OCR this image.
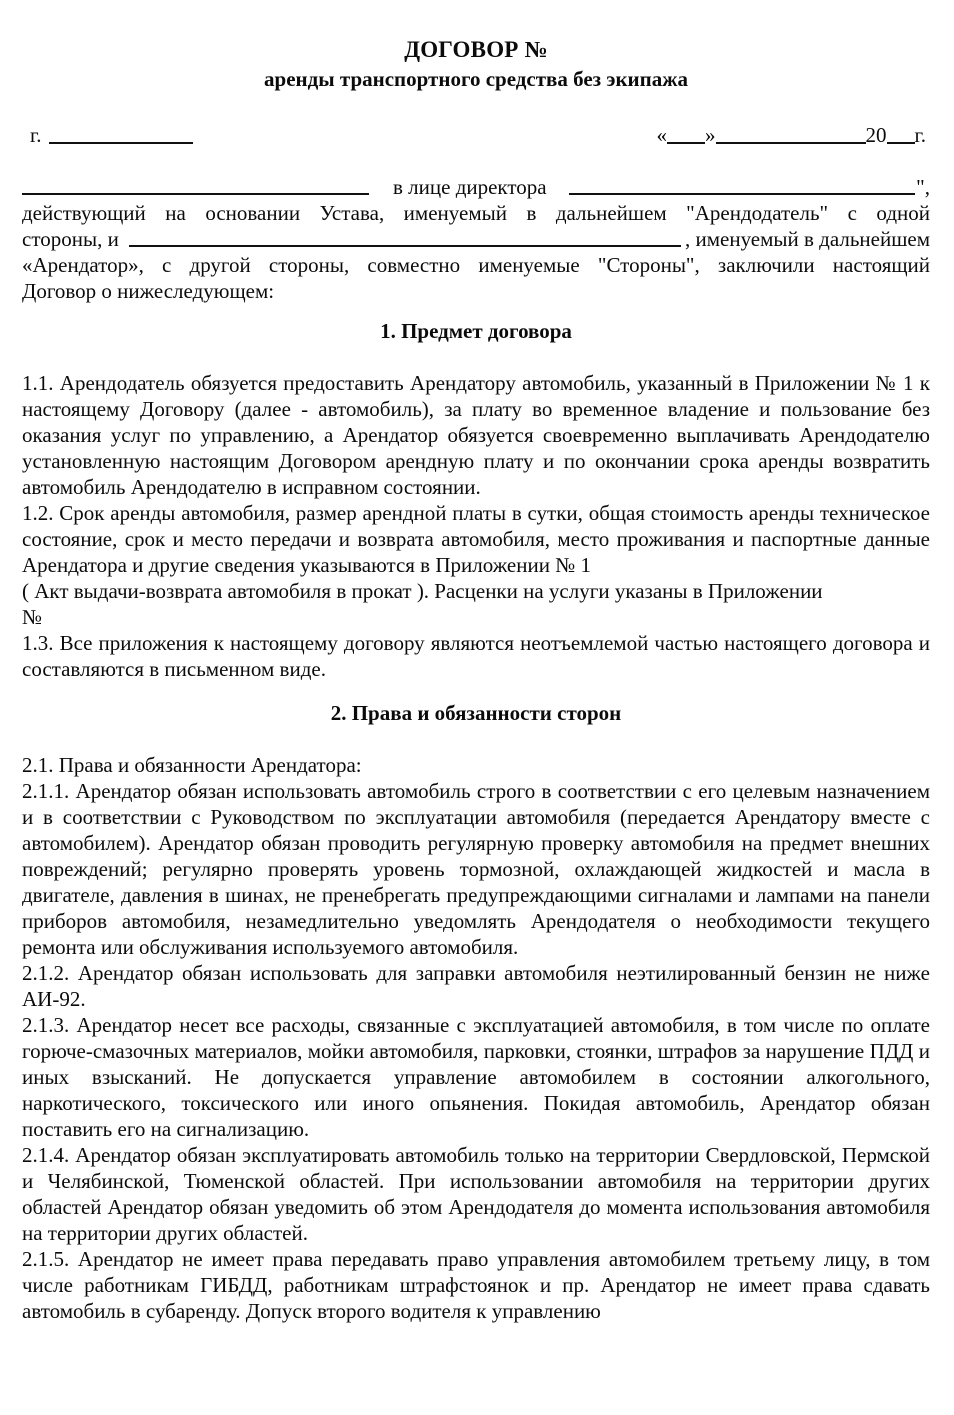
ДОГОВОР №
аренды транспортного средства без экипажа
г.	« »	20 г.
в лице директора	",

действующий на основании Устава, именуемый в дальнейшем "Арендодатель" с одной

стороны, и	, именуемый в дальнейшем

«Арендатор», с другой стороны, совместно именуемые "Стороны", заключили настоящий

Договор о нижеследующем:

1. Предмет договора

1.1. Арендодатель обязуется предоставить Арендатору автомобиль, указанный в Приложении № 1 к настоящему Договору (далее - автомобиль), за плату во временное владение и пользование без оказания услуг по управлению, а Арендатор обязуется своевременно выплачивать Арендодателю установленную настоящим Договором арендную плату и по окончании срока аренды возвратить автомобиль Арендодателю в исправном состоянии.

1.2. Срок аренды автомобиля, размер арендной платы в сутки, общая стоимость аренды техническое состояние, срок и место передачи и возврата автомобиля, место проживания и паспортные данные Арендатора и другие сведения указываются в Приложении № 1

( Акт выдачи-возврата автомобиля в прокат ). Расценки на услуги указаны в Приложении

№

1.3. Все приложения к настоящему договору являются неотъемлемой частью настоящего договора и составляются в письменном виде.

2. Права и обязанности сторон

2.1. Права и обязанности Арендатора:

2.1.1. Арендатор обязан использовать автомобиль строго в соответствии с его целевым назначением и в соответствии с Руководством по эксплуатации автомобиля (передается Арендатору вместе с автомобилем). Арендатор обязан проводить регулярную проверку автомобиля на предмет внешних повреждений; регулярно проверять уровень тормозной, охлаждающей жидкостей и масла в двигателе, давления в шинах, не пренебрегать предупреждающими сигналами и лампами на панели приборов автомобиля, незамедлительно уведомлять Арендодателя о необходимости текущего ремонта или обслуживания используемого автомобиля.

2.1.2. Арендатор обязан использовать для заправки автомобиля неэтилированный бензин не ниже АИ-92.

2.1.3. Арендатор несет все расходы, связанные с эксплуатацией автомобиля, в том числе по оплате горюче-смазочных материалов, мойки автомобиля, парковки, стоянки, штрафов за нарушение ПДД и иных взысканий. Не допускается управление автомобилем в состоянии алкогольного, наркотического, токсического или иного опьянения. Покидая автомобиль, Арендатор обязан поставить его на сигнализацию.

2.1.4. Арендатор обязан эксплуатировать автомобиль только на территории Свердловской, Пермской и Челябинской, Тюменской областей. При использовании автомобиля на территории других областей Арендатор обязан уведомить об этом Арендодателя до момента использования автомобиля на территории других областей.

2.1.5. Арендатор не имеет права передавать право управления автомобилем третьему лицу, в том числе работникам ГИБДД, работникам штрафстоянок и пр. Арендатор не имеет права сдавать автомобиль в субаренду. Допуск второго водителя к управлению
